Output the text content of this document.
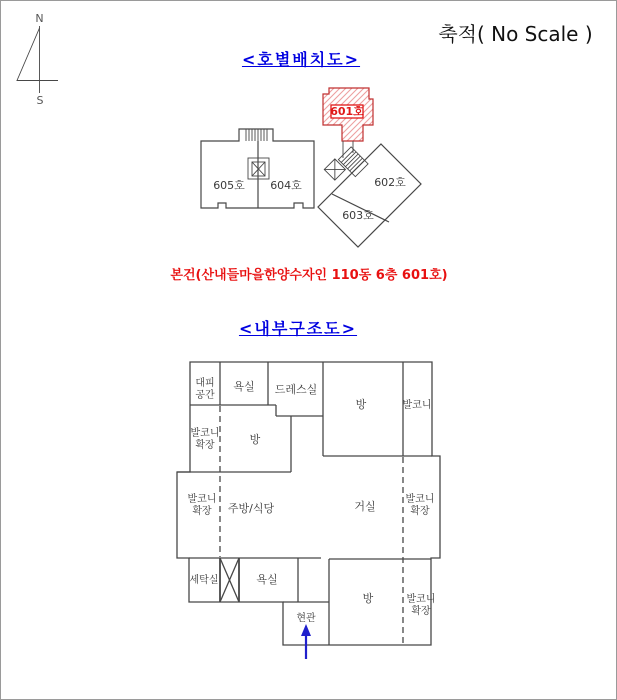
N
S
축적( No Scale )
<호별배치도>
605호 604호	602호
603호
601호
본건(산내들마을한양수자인 110동 6층 601호)
<내부구조도>
대피
공간
욕실 드레스실
방	발코니
발코니
확장	방
발코니
확장 주방/식당	거실
발코니
확장
세탁실	욕실
방	발코니
확장
현관
